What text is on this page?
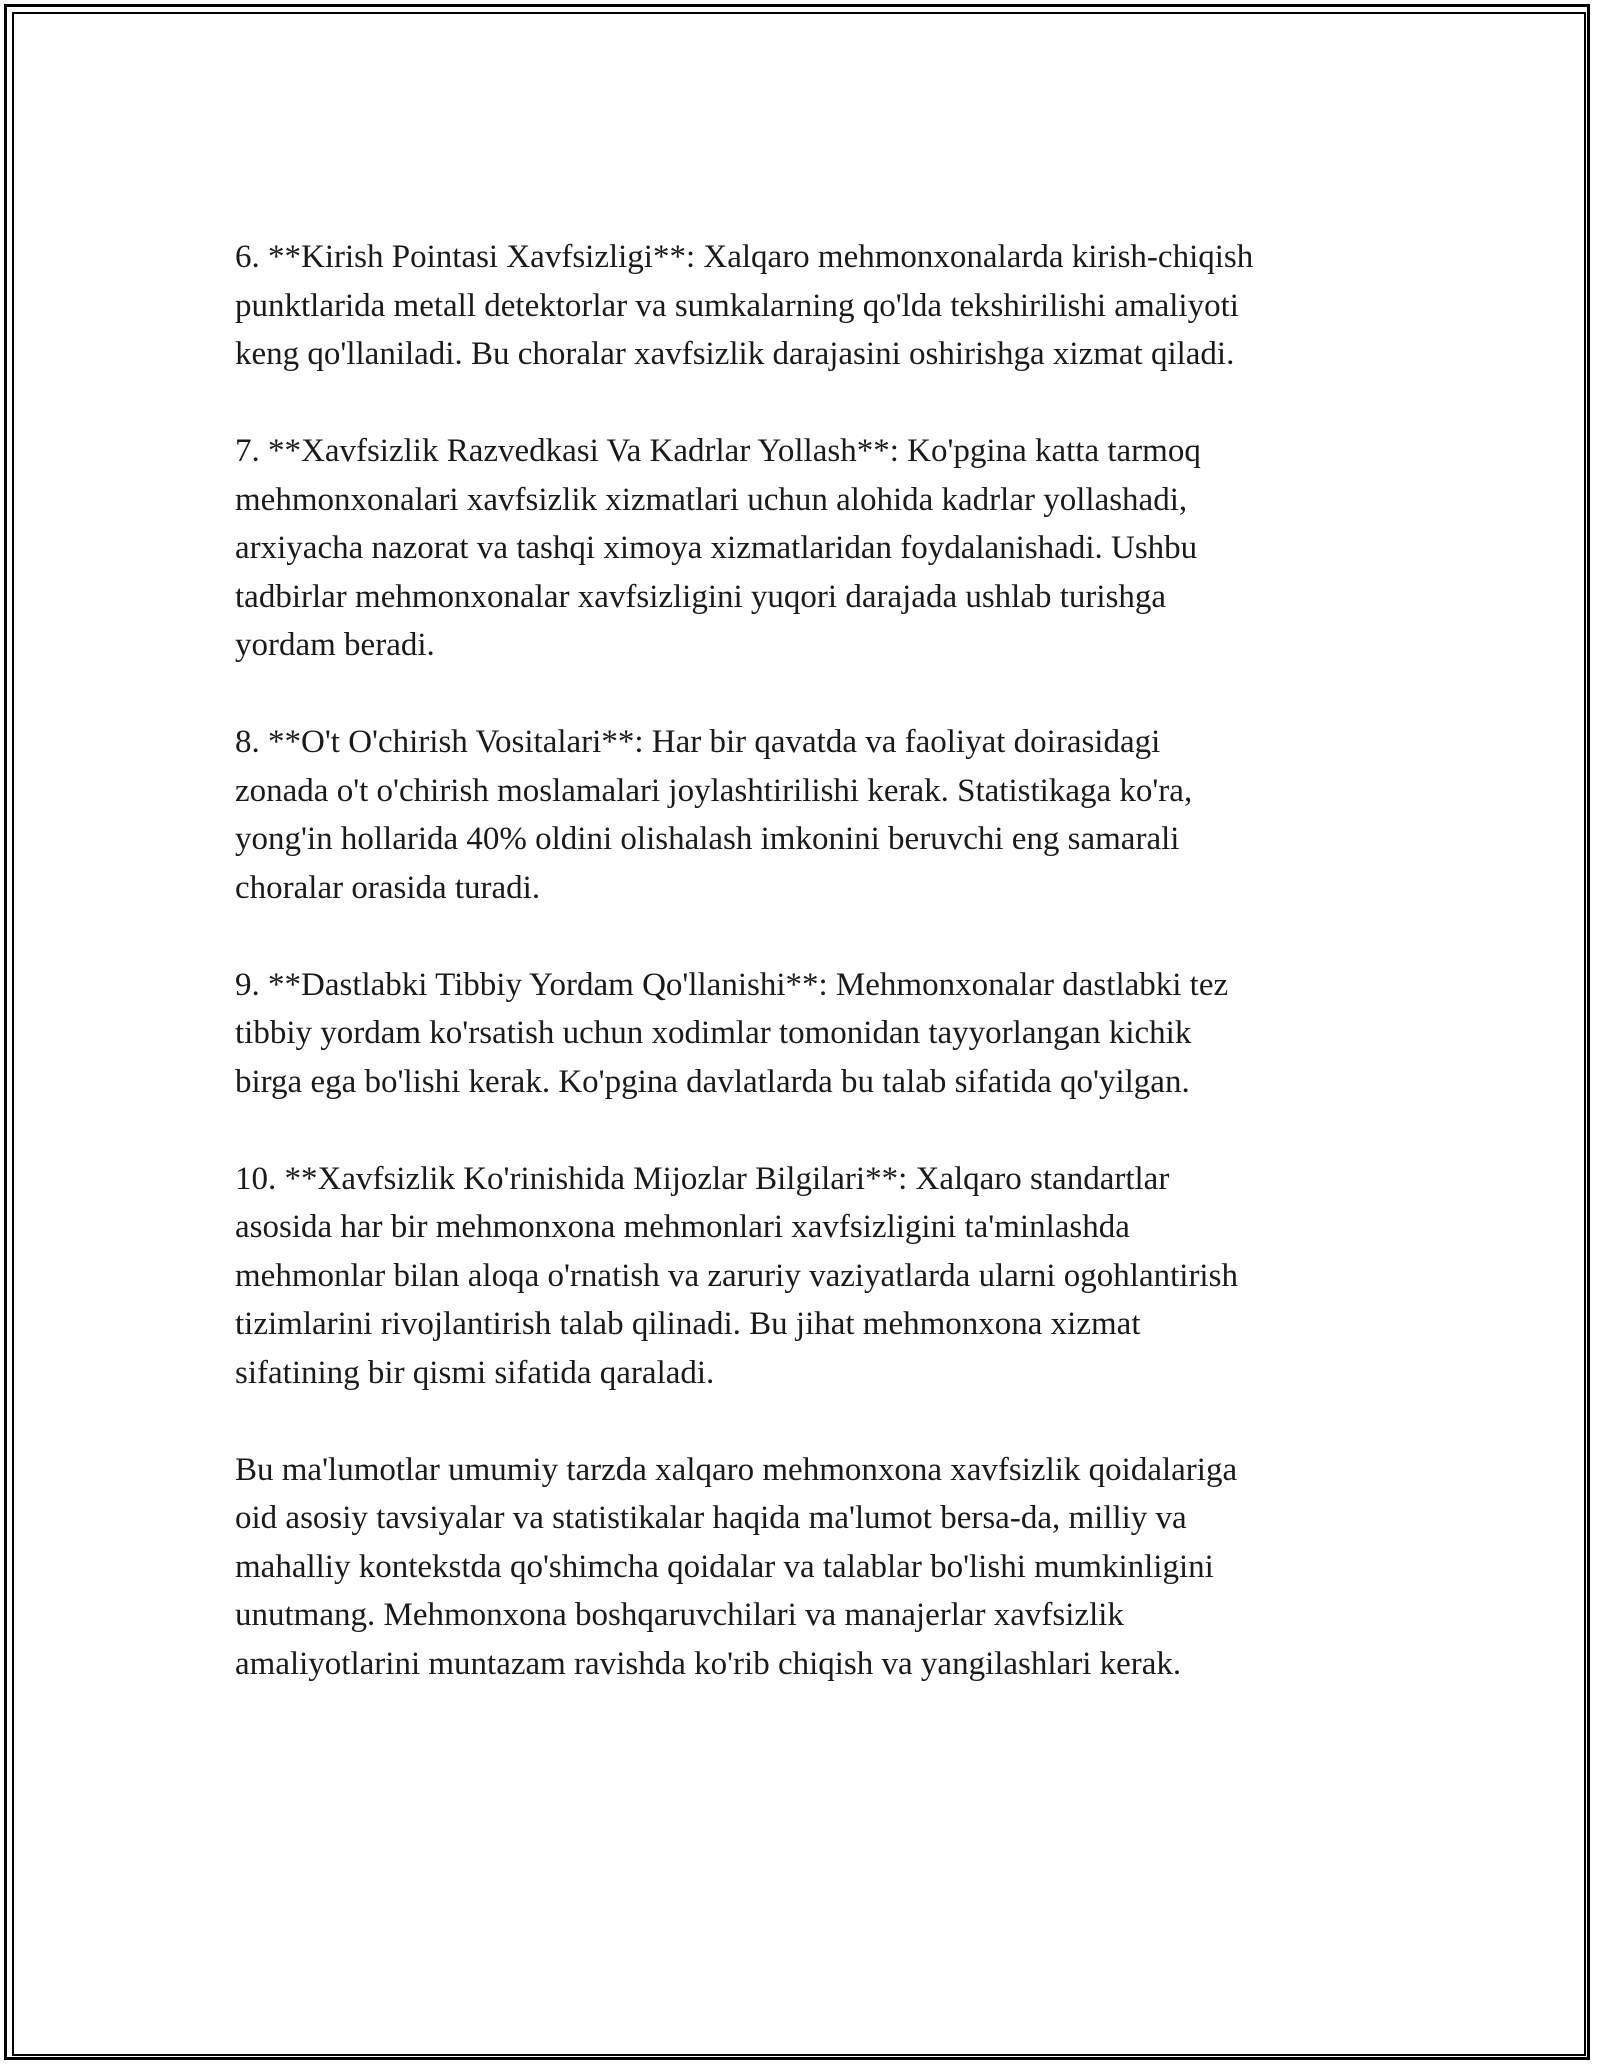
6. **Kirish Pointasi Xavfsizligi**: Xalqaro mehmonxonalarda kirish-chiqish
punktlarida metall detektorlar va sumkalarning qo'lda tekshirilishi amaliyoti
keng qo'llaniladi. Bu choralar xavfsizlik darajasini oshirishga xizmat qiladi.

7. **Xavfsizlik Razvedkasi Va Kadrlar Yollash**: Ko'pgina katta tarmoq
mehmonxonalari xavfsizlik xizmatlari uchun alohida kadrlar yollashadi,
arxiyacha nazorat va tashqi ximoya xizmatlaridan foydalanishadi. Ushbu
tadbirlar mehmonxonalar xavfsizligini yuqori darajada ushlab turishga
yordam beradi.

8. **O't O'chirish Vositalari**: Har bir qavatda va faoliyat doirasidagi
zonada o't o'chirish moslamalari joylashtirilishi kerak. Statistikaga ko'ra,
yong'in hollarida 40% oldini olishalash imkonini beruvchi eng samarali
choralar orasida turadi.

9. **Dastlabki Tibbiy Yordam Qo'llanishi**: Mehmonxonalar dastlabki tez
tibbiy yordam ko'rsatish uchun xodimlar tomonidan tayyorlangan kichik
birga ega bo'lishi kerak. Ko'pgina davlatlarda bu talab sifatida qo'yilgan.

10. **Xavfsizlik Ko'rinishida Mijozlar Bilgilari**: Xalqaro standartlar
asosida har bir mehmonxona mehmonlari xavfsizligini ta'minlashda
mehmonlar bilan aloqa o'rnatish va zaruriy vaziyatlarda ularni ogohlantirish
tizimlarini rivojlantirish talab qilinadi. Bu jihat mehmonxona xizmat
sifatining bir qismi sifatida qaraladi.

Bu ma'lumotlar umumiy tarzda xalqaro mehmonxona xavfsizlik qoidalariga
oid asosiy tavsiyalar va statistikalar haqida ma'lumot bersa-da, milliy va
mahalliy kontekstda qo'shimcha qoidalar va talablar bo'lishi mumkinligini
unutmang. Mehmonxona boshqaruvchilari va manajerlar xavfsizlik
amaliyotlarini muntazam ravishda ko'rib chiqish va yangilashlari kerak.
